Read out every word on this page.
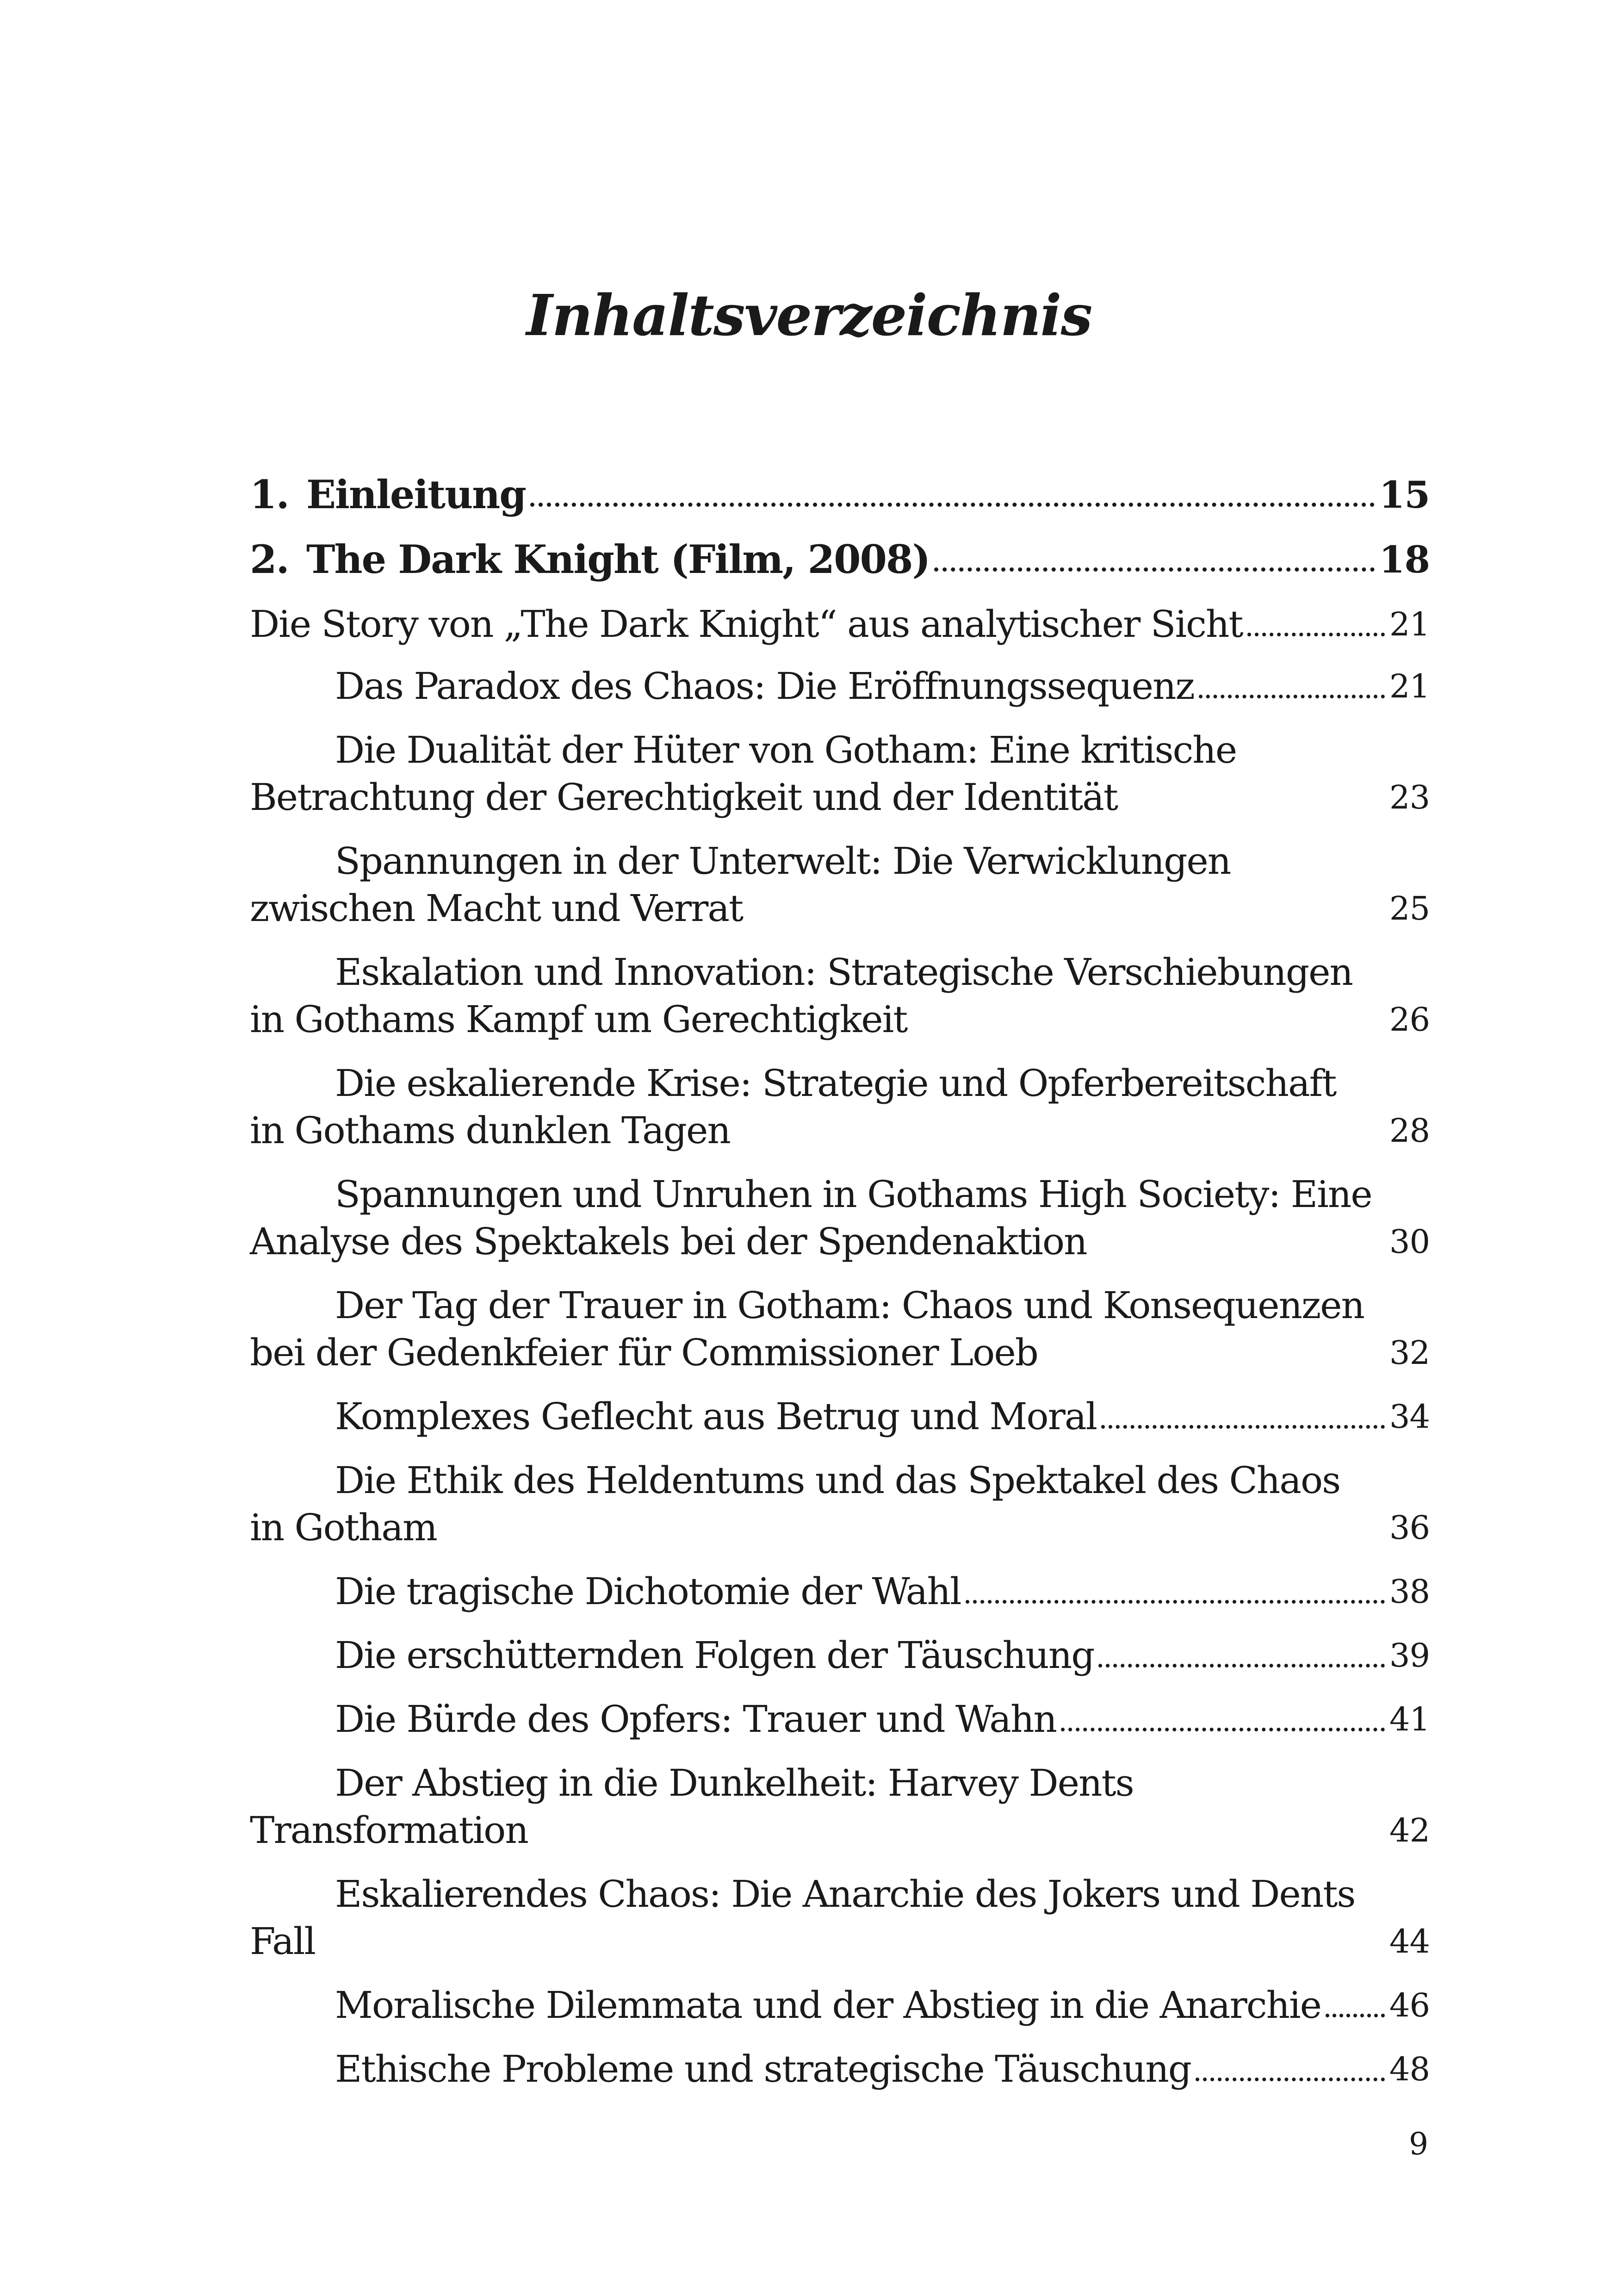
Inhaltsverzeichnis
1. Einleitung	15
2. The Dark Knight (Film, 2008)	18
Die Story von „The Dark Knight“ aus analytischer Sicht	21
Das Paradox des Chaos: Die Eröffnungssequenz	21
Die Dualität der Hüter von Gotham: Eine kritische Betrachtung der Gerechtigkeit und der Identität	23
Spannungen in der Unterwelt: Die Verwicklungen zwischen Macht und Verrat	25
Eskalation und Innovation: Strategische Verschiebungen in Gothams Kampf um Gerechtigkeit	26
Die eskalierende Krise: Strategie und Opferbereitschaft in Gothams dunklen Tagen	28
Spannungen und Unruhen in Gothams High Society: Eine Analyse des Spektakels bei der Spendenaktion	30
Der Tag der Trauer in Gotham: Chaos und Konsequenzen bei der Gedenkfeier für Commissioner Loeb	32
Komplexes Geflecht aus Betrug und Moral	34
Die Ethik des Heldentums und das Spektakel des Chaos in Gotham	36
Die tragische Dichotomie der Wahl	38
Die erschütternden Folgen der Täuschung	39
Die Bürde des Opfers: Trauer und Wahn	41
Der Abstieg in die Dunkelheit: Harvey Dents Transformation	42
Eskalierendes Chaos: Die Anarchie des Jokers und Dents Fall	44
Moralische Dilemmata und der Abstieg in die Anarchie 46
Ethische Probleme und strategische Täuschung	48
9
